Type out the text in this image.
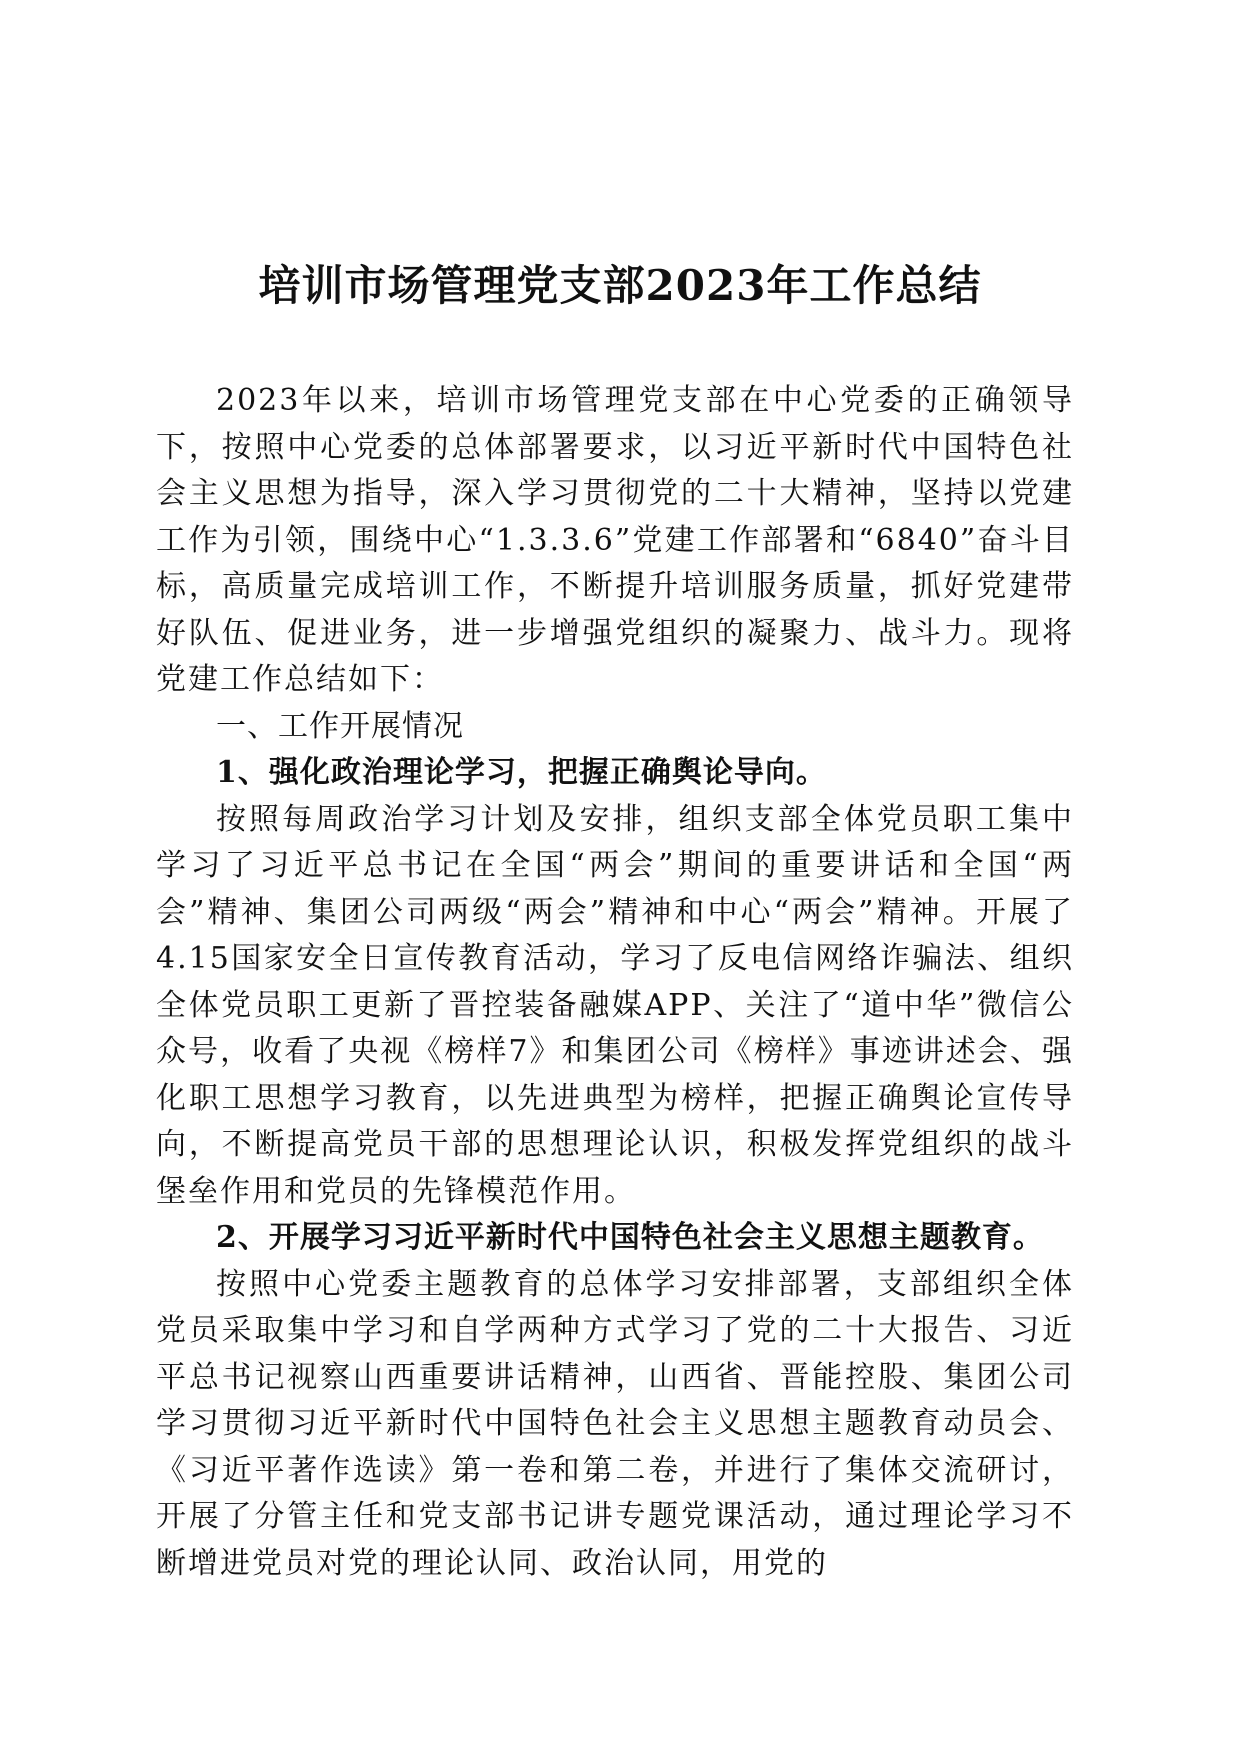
培训市场管理党支部2023年工作总结

2023年以来，培训市场管理党支部在中心党委的正确领导下，按照中心党委的总体部署要求，以习近平新时代中国特色社会主义思想为指导，深入学习贯彻党的二十大精神，坚持以党建工作为引领，围绕中心“1.3.3.6”党建工作部署和“6840”奋斗目标，高质量完成培训工作，不断提升培训服务质量，抓好党建带好队伍、促进业务，进一步增强党组织的凝聚力、战斗力。现将党建工作总结如下：

一、工作开展情况

1、强化政治理论学习，把握正确舆论导向。

按照每周政治学习计划及安排，组织支部全体党员职工集中学习了习近平总书记在全国“两会”期间的重要讲话和全国“两会”精神、集团公司两级“两会”精神和中心“两会”精神。开展了4.15国家安全日宣传教育活动，学习了反电信网络诈骗法、组织全体党员职工更新了晋控装备融媒APP、关注了“道中华”微信公众号，收看了央视《榜样7》和集团公司《榜样》事迹讲述会、强化职工思想学习教育，以先进典型为榜样，把握正确舆论宣传导向，不断提高党员干部的思想理论认识，积极发挥党组织的战斗堡垒作用和党员的先锋模范作用。

2、开展学习习近平新时代中国特色社会主义思想主题教育。

按照中心党委主题教育的总体学习安排部署，支部组织全体党员采取集中学习和自学两种方式学习了党的二十大报告、习近平总书记视察山西重要讲话精神，山西省、晋能控股、集团公司学习贯彻习近平新时代中国特色社会主义思想主题教育动员会、《习近平著作选读》第一卷和第二卷，并进行了集体交流研讨，开展了分管主任和党支部书记讲专题党课活动，通过理论学习不断增进党员对党的理论认同、政治认同，用党的
